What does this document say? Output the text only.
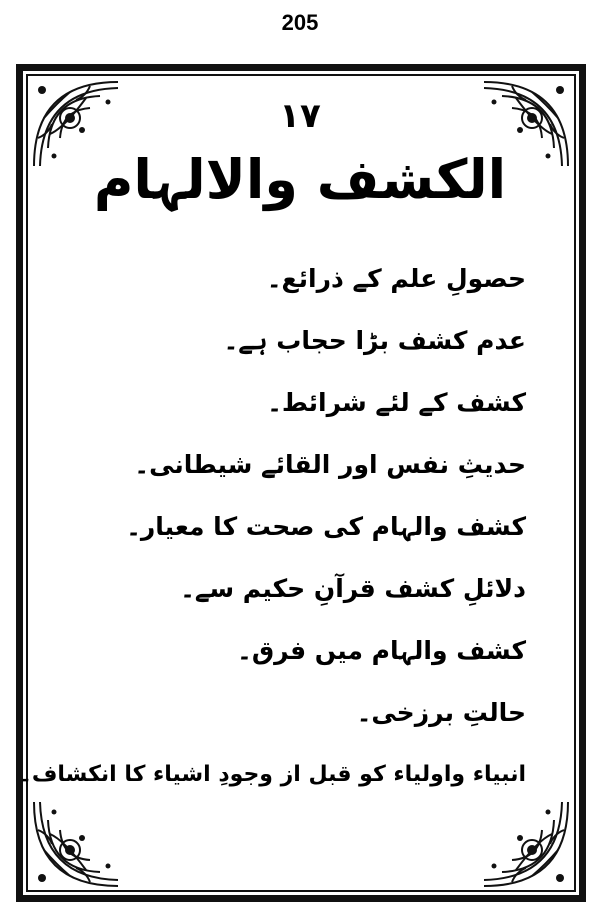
205
۱۷
الکشف والالہام
حصولِ علم کے ذرائع۔
عدم کشف بڑا حجاب ہے۔
کشف کے لئے شرائط۔
حدیثِ نفس اور القائے شیطانی۔
کشف والہام کی صحت کا معیار۔
دلائلِ کشف قرآنِ حکیم سے۔
کشف والہام میں فرق۔
حالتِ برزخی۔
انبیاء واولیاء کو قبل از وجودِ اشیاء کا انکشاف۔
